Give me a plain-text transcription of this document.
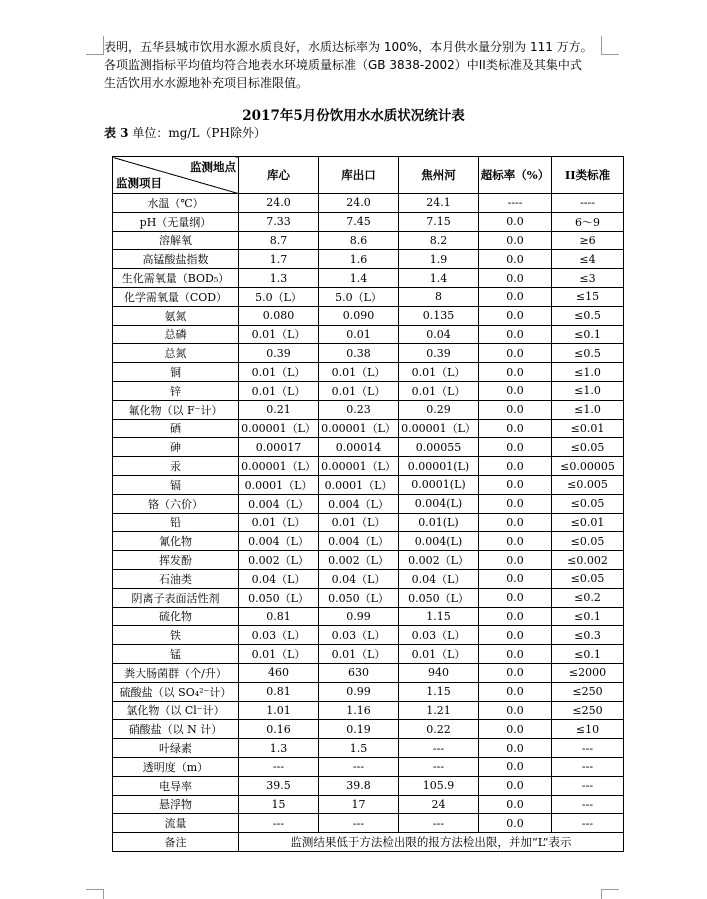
表明，五华县城市饮用水源水质良好，水质达标率为 100%，本月供水量分别为 111 万方。
各项监测指标平均值均符合地表水环境质量标准（GB 3838-2002）中II类标准及其集中式
生活饮用水水源地补充项目标准限值。
2017年5月份饮用水水质状况统计表
表 3 单位：mg/L（PH除外）
监测地点
监测项目	库心	库出口	焦州河	超标率（%）	II类标准
水温（℃）	24.0	24.0	24.1	----	----
pH（无量纲）	7.33	7.45	7.15	0.0	6～9
溶解氧	8.7	8.6	8.2	0.0	≥6
高锰酸盐指数	1.7	1.6	1.9	0.0	≤4
生化需氧量（BOD₅）	1.3	1.4	1.4	0.0	≤3
化学需氧量（COD）	5.0（L）	5.0（L）	8	0.0	≤15
氨氮	0.080	0.090	0.135	0.0	≤0.5
总磷	0.01（L）	0.01	0.04	0.0	≤0.1
总氮	0.39	0.38	0.39	0.0	≤0.5
铜	0.01（L）	0.01（L）	0.01（L）	0.0	≤1.0
锌	0.01（L）	0.01（L）	0.01（L）	0.0	≤1.0
氟化物（以 F⁻计）	0.21	0.23	0.29	0.0	≤1.0
硒	0.00001（L）	0.00001（L）	0.00001（L）	0.0	≤0.01
砷	0.00017	0.00014	0.00055	0.0	≤0.05
汞	0.00001（L）	0.00001（L）	0.00001(L)	0.0	≤0.00005
镉	0.0001（L）	0.0001（L）	0.0001(L)	0.0	≤0.005
铬（六价）	0.004（L）	0.004（L）	0.004(L)	0.0	≤0.05
铅	0.01（L）	0.01（L）	0.01(L)	0.0	≤0.01
氰化物	0.004（L）	0.004（L）	0.004(L)	0.0	≤0.05
挥发酚	0.002（L）	0.002（L）	0.002（L）	0.0	≤0.002
石油类	0.04（L）	0.04（L）	0.04（L）	0.0	≤0.05
阴离子表面活性剂	0.050（L）	0.050（L）	0.050（L）	0.0	≤0.2
硫化物	0.81	0.99	1.15	0.0	≤0.1
铁	0.03（L）	0.03（L）	0.03（L）	0.0	≤0.3
锰	0.01（L）	0.01（L）	0.01（L）	0.0	≤0.1
粪大肠菌群（个/升）	460	630	940	0.0	≤2000
硫酸盐（以 SO₄²⁻计）	0.81	0.99	1.15	0.0	≤250
氯化物（以 Cl⁻计）	1.01	1.16	1.21	0.0	≤250
硝酸盐（以 N 计）	0.16	0.19	0.22	0.0	≤10
叶绿素	1.3	1.5	---	0.0	---
透明度（m）	---	---	---	0.0	---
电导率	39.5	39.8	105.9	0.0	---
悬浮物	15	17	24	0.0	---
流量	---	---	---	0.0	---
备注	监测结果低于方法检出限的报方法检出限，并加“L”表示				
